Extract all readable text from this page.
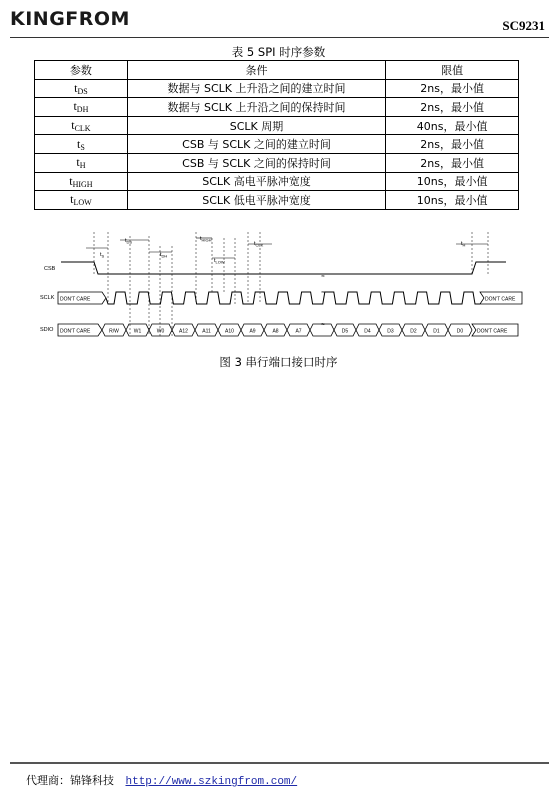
KINGFROM	SC9231
表 5 SPI 时序参数
参数	条件	限值
$t_{DS}$	数据与 SCLK 上升沿之间的建立时间	2ns，最小值
$t_{DH}$	数据与 SCLK 上升沿之间的保持时间	2ns，最小值
$t_{CLK}$	SCLK 周期	40ns，最小值
$t_S$	CSB 与 SCLK 之间的建立时间	2ns，最小值
$t_H$	CSB 与 SCLK 之间的保持时间	2ns，最小值
$t_{HIGH}$	SCLK 高电平脉冲宽度	10ns，最小值
$t_{LOW}$	SCLK 低电平脉冲宽度	10ns，最小值
CSB
SCLK
SDIO
DON'T CARE	DON'T CARE
DON'T CARE	DON'T CARE
R/W	W1	W0	A12	A11	A10	A9	A8	A7	D5	D4	D3	D2	D1	D0
≈
≈
≈
$t_S$
$t_{DS}$
$t_{DH}$
$t_{HIGH}$
$t_{LOW}$
$t_{CLK}$	$t_H$
图 3 串行端口接口时序
代理商：锦锋科技 http://www.szkingfrom.com/
